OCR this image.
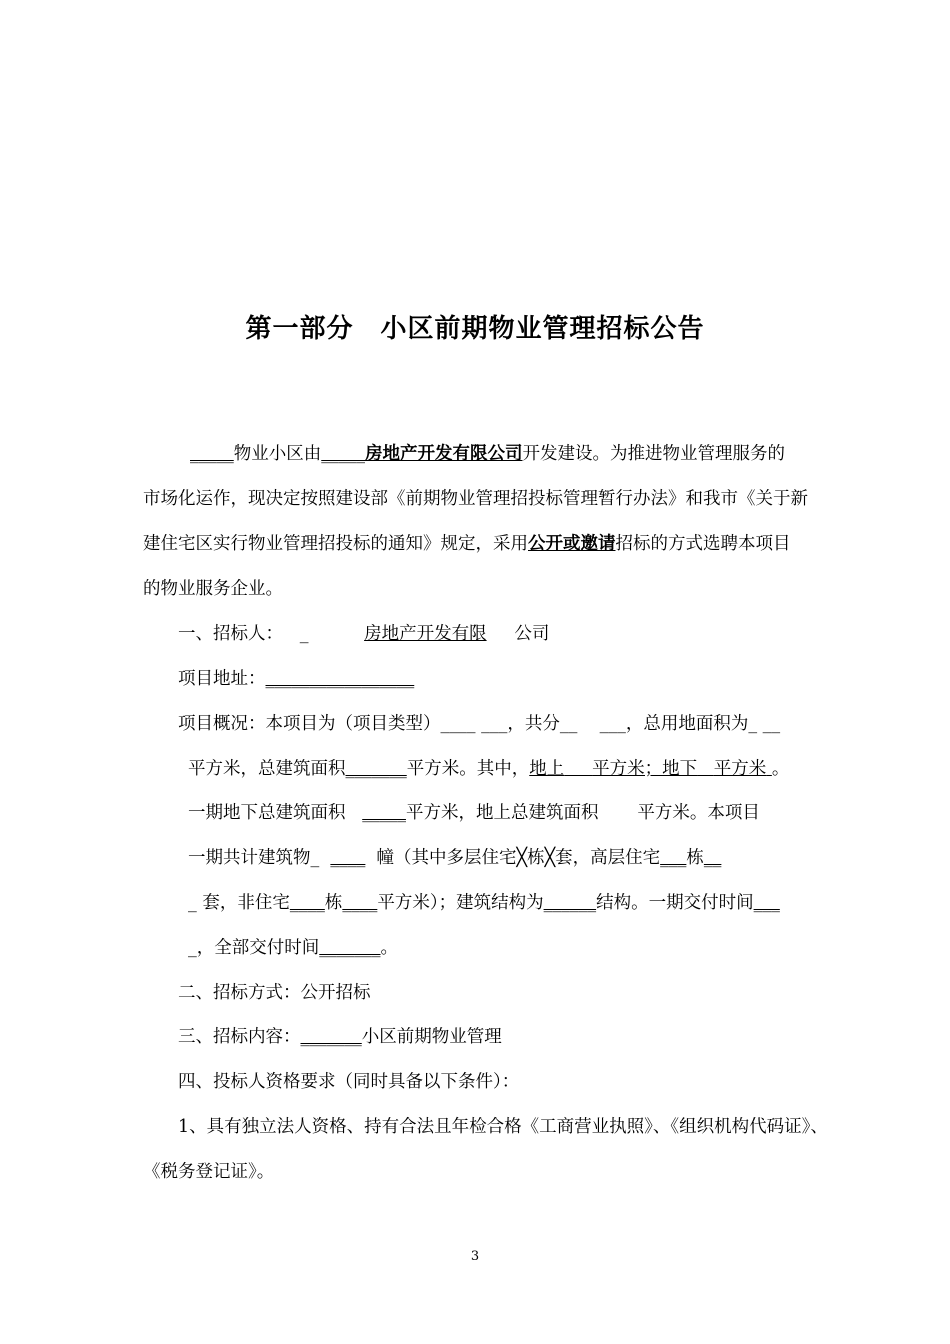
第一部分　小区前期物业管理招标公告
_____物业小区由_____房地产开发有限公司开发建设。为推进物业管理服务的
市场化运作，现决定按照建设部《前期物业管理招投标管理暂行办法》和我市《关于新
建住宅区实行物业管理招投标的通知》规定，采用公开或邀请招标的方式选聘本项目
的物业服务企业。
一、招标人： _	房地产开发有限 公司
项目地址：_________________
项目概况：本项目为（项目类型）____ ___，共分__ ___，总用地面积为_ __
平方米，总建筑面积_______平方米。其中，地上 平方米；地下 平方米 。
一期地下总建筑面积 _____平方米，地上总建筑面积 平方米。本项目
一期共计建筑物_ ____ 幢（其中多层住宅╳栋╳套，高层住宅___栋__
_ 套，非住宅____栋____平方米）；建筑结构为______结构。一期交付时间___
_，全部交付时间_______。
二、招标方式：公开招标
三、招标内容：_______小区前期物业管理
四、投标人资格要求（同时具备以下条件）：
1、具有独立法人资格、持有合法且年检合格《工商营业执照》、《组织机构代码证》、
《税务登记证》。
3
